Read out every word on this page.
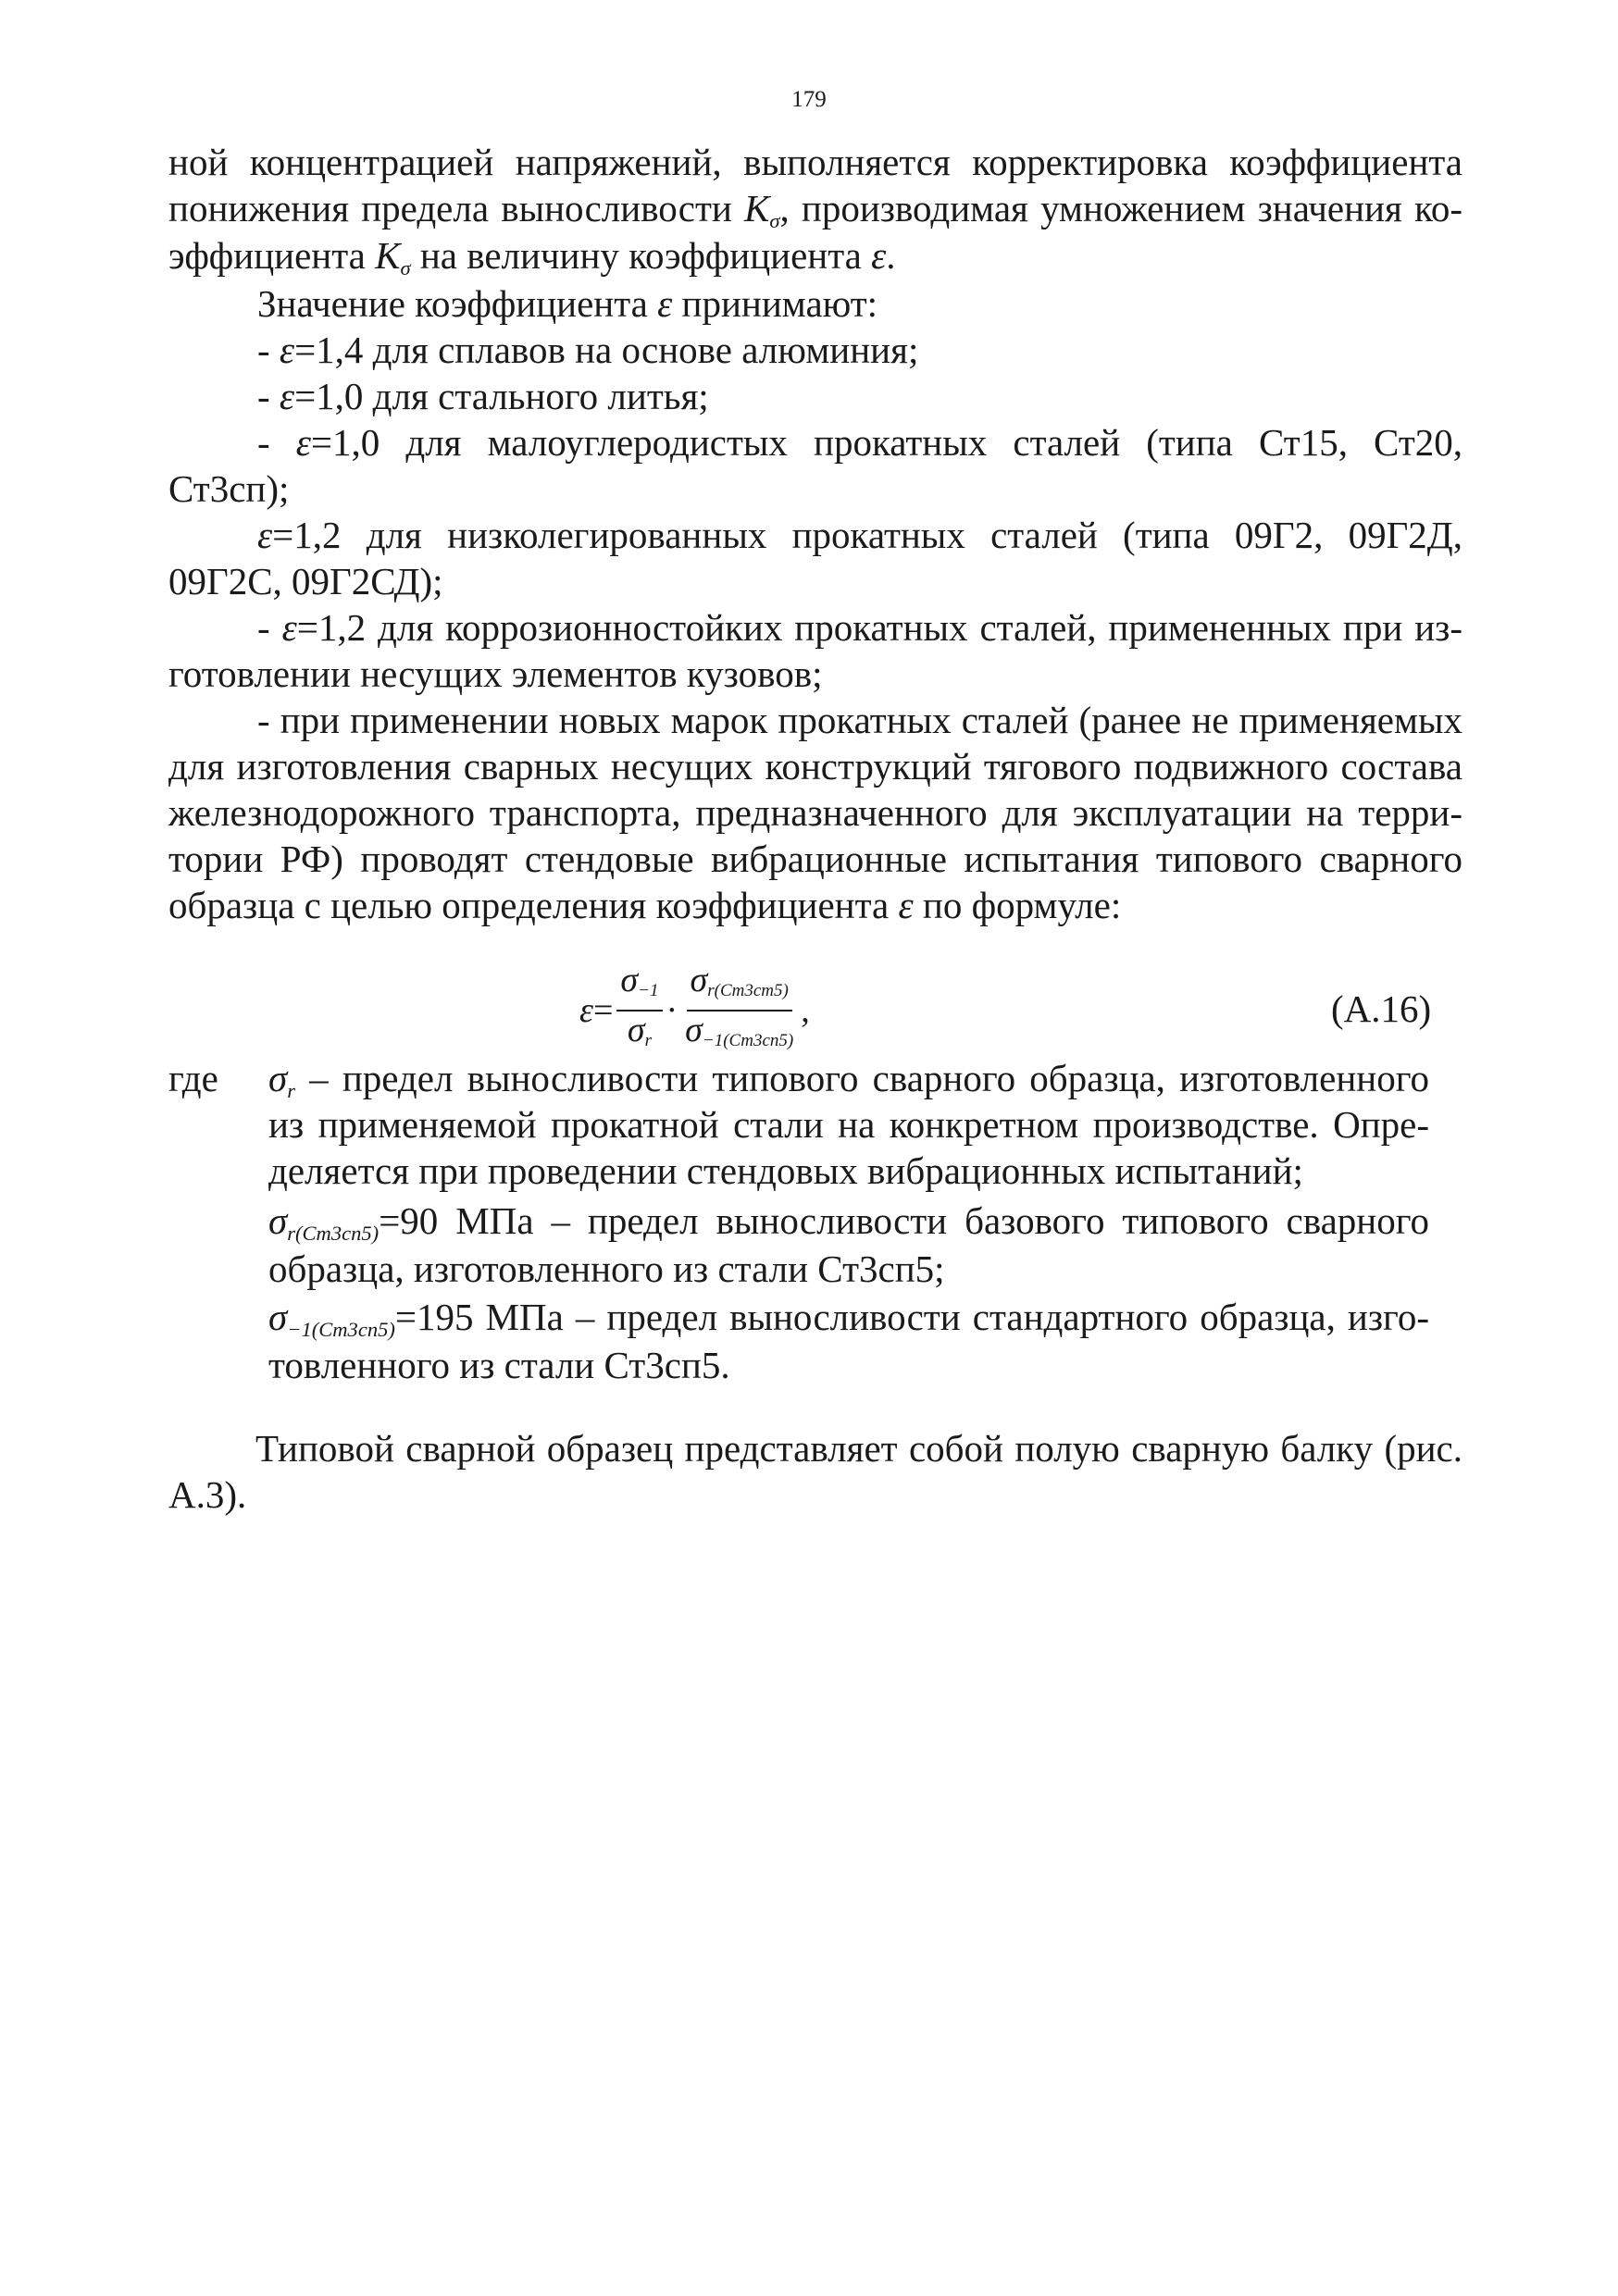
179
ной концентрацией напряжений, выполняется корректировка коэффициента
понижения предела выносливости $K_\sigma$, производимая умножением значения ко-
эффициента $K_\sigma$ на величину коэффициента ε.
Значение коэффициента ε принимают:
- ε=1,4 для сплавов на основе алюминия;
- ε=1,0 для стального литья;
- ε=1,0 для малоуглеродистых прокатных сталей (типа Ст15, Ст20,
Ст3сп);
ε=1,2 для низколегированных прокатных сталей (типа 09Г2, 09Г2Д,
09Г2С, 09Г2СД);
- ε=1,2 для коррозионностойких прокатных сталей, примененных при из-
готовлении несущих элементов кузовов;
- при применении новых марок прокатных сталей (ранее не применяемых
для изготовления сварных несущих конструкций тягового подвижного состава
железнодорожного транспорта, предназначенного для эксплуатации на терри-
тории РФ) проводят стендовые вибрационные испытания типового сварного
образца с целью определения коэффициента ε по формуле:
$\varepsilon = \frac{\sigma-1}{\sigma r} \cdot \frac{\sigma r(Cm3cm5)}{\sigma-1(Cm3cn5)}$ ,	(A.16)
где $\sigma_r$ – предел выносливости типового сварного образца, изготовленного
из применяемой прокатной стали на конкретном производстве. Опре-
деляется при проведении стендовых вибрационных испытаний;
$\sigma_{r(Cm3cn5)}=90$ МПа – предел выносливости базового типового сварного
образца, изготовленного из стали Ст3сп5;
$\sigma_{-1(Cm3cn5)}=195$ МПа – предел выносливости стандартного образца, изго-
товленного из стали Ст3сп5.
Типовой сварной образец представляет собой полую сварную балку (рис.
А.3).
